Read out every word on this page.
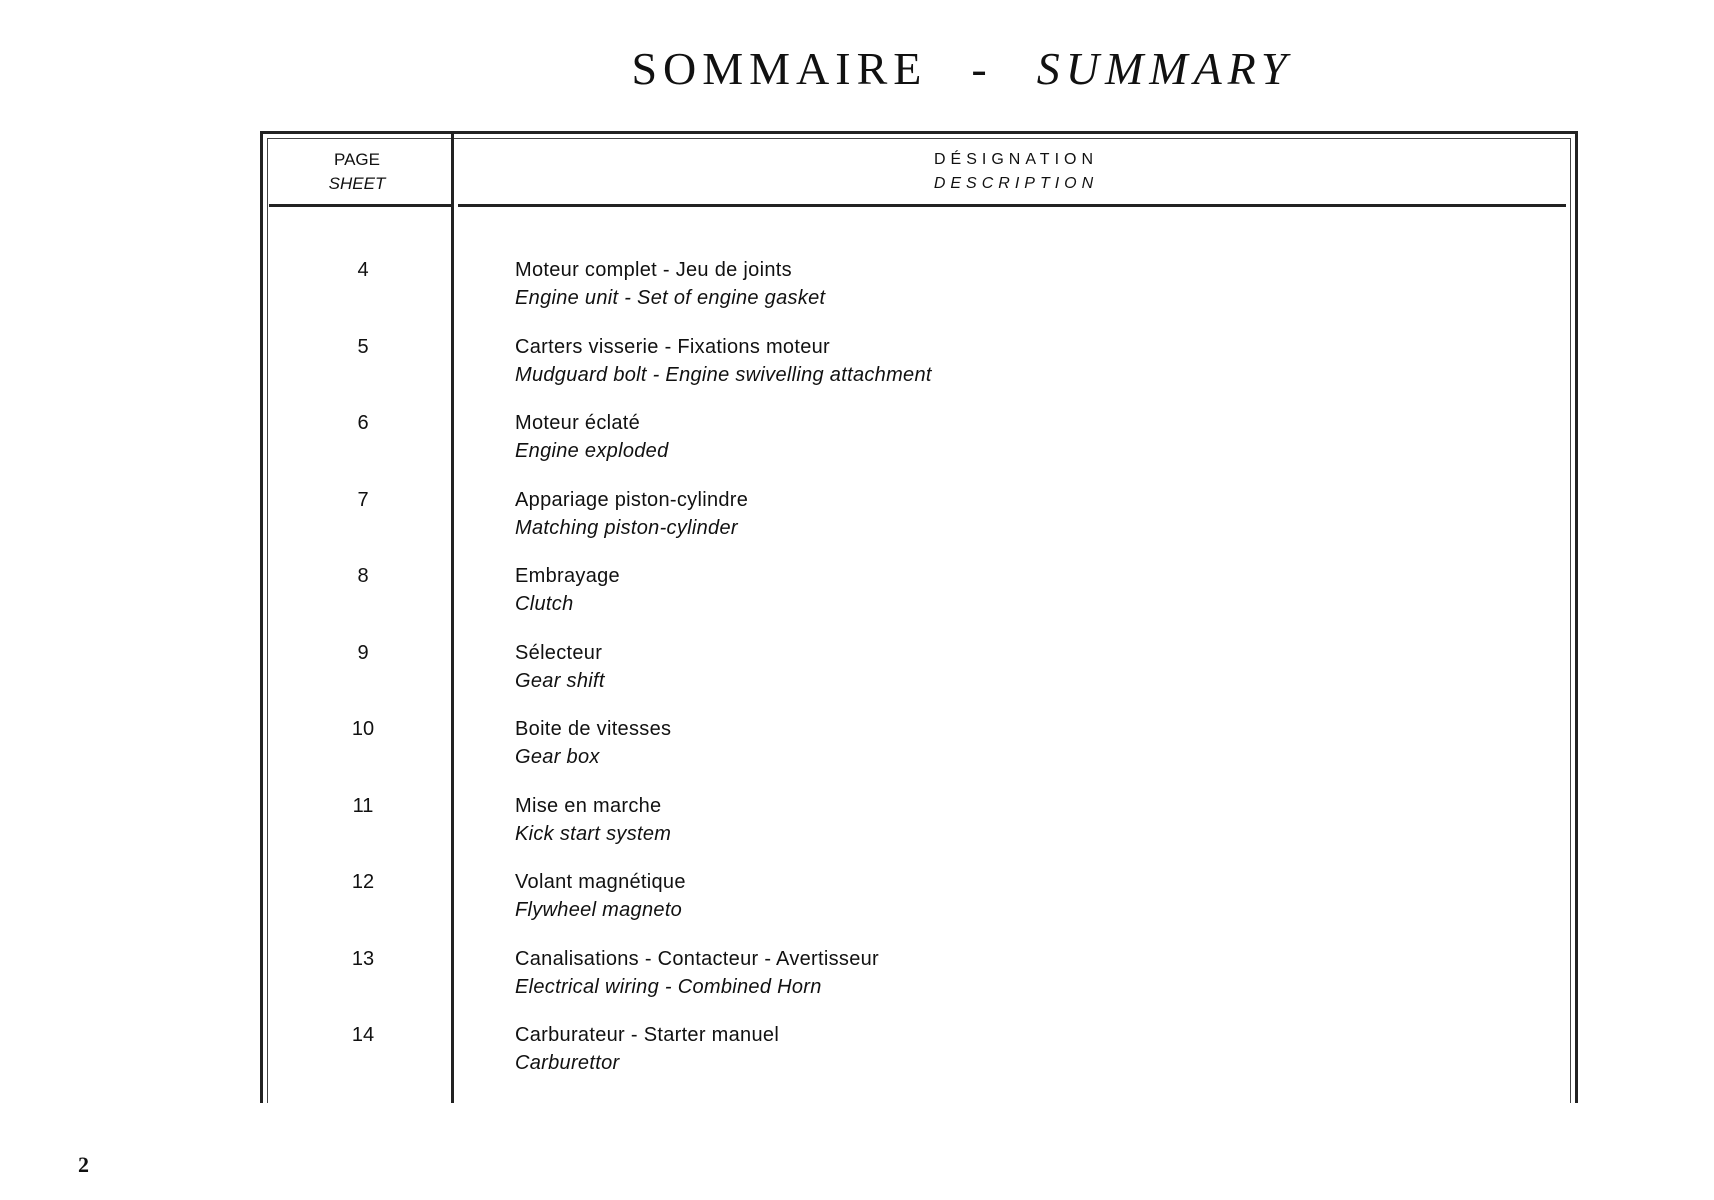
SOMMAIRE - SUMMARY
PAGE
SHEET
DÉSIGNATION
DESCRIPTION
4	Moteur complet - Jeu de joints
Engine unit - Set of engine gasket
5	Carters visserie - Fixations moteur
Mudguard bolt - Engine swivelling attachment
6	Moteur éclaté
Engine exploded
7	Appariage piston-cylindre
Matching piston-cylinder
8	Embrayage
Clutch
9	Sélecteur
Gear shift
10	Boite de vitesses
Gear box
11	Mise en marche
Kick start system
12	Volant magnétique
Flywheel magneto
13	Canalisations - Contacteur - Avertisseur
Electrical wiring - Combined Horn
14	Carburateur - Starter manuel
Carburettor
2
